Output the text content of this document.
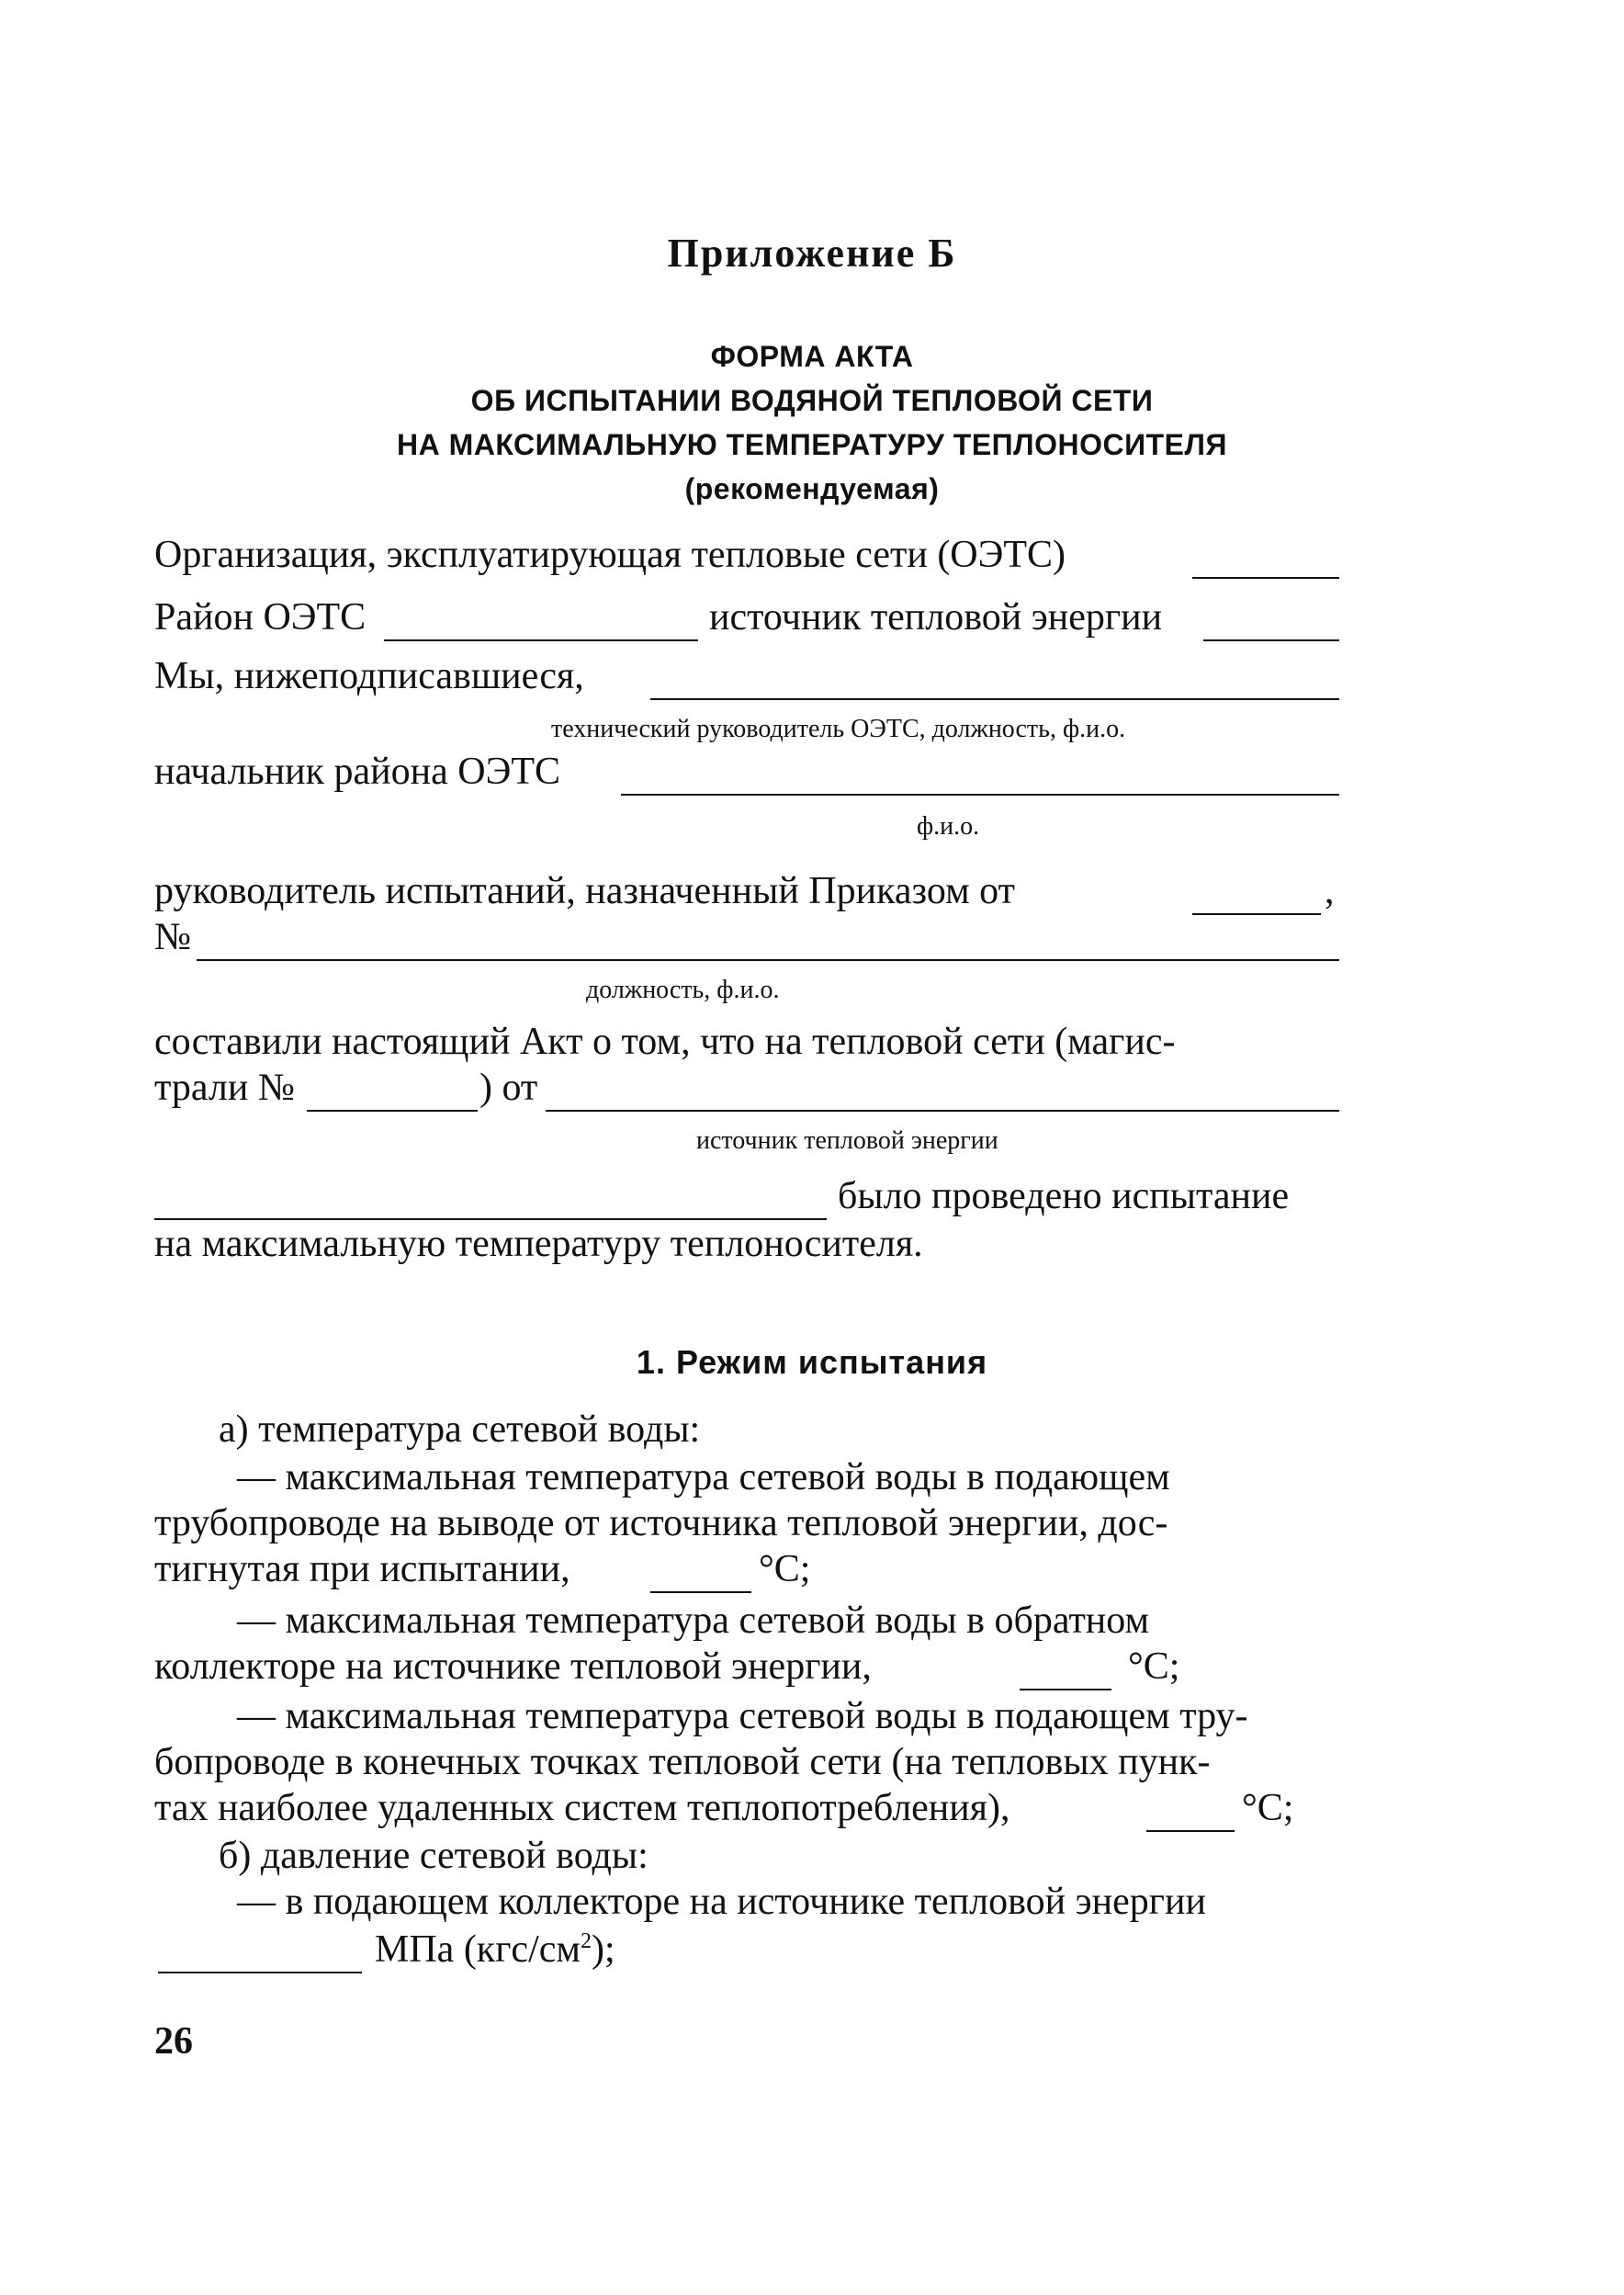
Приложение Б
ФОРМА АКТА
ОБ ИСПЫТАНИИ ВОДЯНОЙ ТЕПЛОВОЙ СЕТИ
НА МАКСИМАЛЬНУЮ ТЕМПЕРАТУРУ ТЕПЛОНОСИТЕЛЯ
(рекомендуемая)
Организация, эксплуатирующая тепловые сети (ОЭТС)
Район ОЭТС	источник тепловой энергии
Мы, нижеподписавшиеся,
технический руководитель ОЭТС, должность, ф.и.о.
начальник района ОЭТС
ф.и.о.
руководитель испытаний, назначенный Приказом от	,
№
должность, ф.и.о.
составили настоящий Акт о том, что на тепловой сети (магис-
трали №	) от
источник тепловой энергии
было проведено испытание
на максимальную температуру теплоносителя.
1. Режим испытания
а) температура сетевой воды:
— максимальная температура сетевой воды в подающем
трубопроводе на выводе от источника тепловой энергии, дос-
тигнутая при испытании,	°С;
— максимальная температура сетевой воды в обратном
коллекторе на источнике тепловой энергии,	°С;
— максимальная температура сетевой воды в подающем тру-
бопроводе в конечных точках тепловой сети (на тепловых пунк-
тах наиболее удаленных систем теплопотребления),	°С;
б) давление сетевой воды:
— в подающем коллекторе на источнике тепловой энергии
МПа $(кгс/см^2)$;
26
